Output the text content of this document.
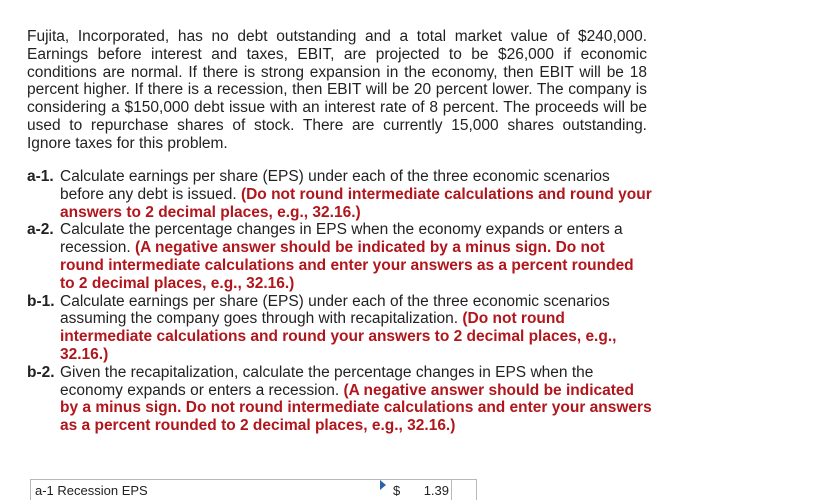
Fujita, Incorporated, has no debt outstanding and a total market value of $240,000. Earnings before interest and taxes, EBIT, are projected to be $26,000 if economic conditions are normal. If there is strong expansion in the economy, then EBIT will be 18 percent higher. If there is a recession, then EBIT will be 20 percent lower. The company is considering a $150,000 debt issue with an interest rate of 8 percent. The proceeds will be used to repurchase shares of stock. There are currently 15,000 shares outstanding. Ignore taxes for this problem.

a-1. Calculate earnings per share (EPS) under each of the three economic scenarios before any debt is issued. (Do not round intermediate calculations and round your answers to 2 decimal places, e.g., 32.16.)
a-2. Calculate the percentage changes in EPS when the economy expands or enters a recession. (A negative answer should be indicated by a minus sign. Do not round intermediate calculations and enter your answers as a percent rounded to 2 decimal places, e.g., 32.16.)
b-1. Calculate earnings per share (EPS) under each of the three economic scenarios assuming the company goes through with recapitalization. (Do not round intermediate calculations and round your answers to 2 decimal places, e.g., 32.16.)
b-2. Given the recapitalization, calculate the percentage changes in EPS when the economy expands or enters a recession. (A negative answer should be indicated by a minus sign. Do not round intermediate calculations and enter your answers as a percent rounded to 2 decimal places, e.g., 32.16.)
a-1 Recession EPS	$ 1.39
